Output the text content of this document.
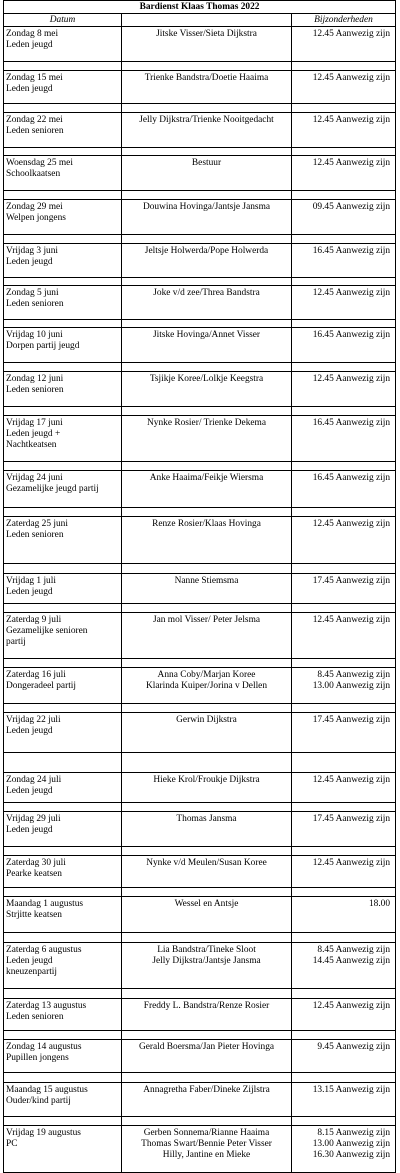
Bardienst Klaas Thomas 2022		
Datum		Bijzonderheden

Zondag 8 mei
Leden jeugd	Jitske Visser/Sieta Dijkstra	12.45 Aanwezig zijn

Zondag 15 mei
Leden jeugd	Trienke Bandstra/Doetie Haaima	12.45 Aanwezig zijn

Zondag 22 mei
Leden senioren	Jelly Dijkstra/Trienke Nooitgedacht	12.45 Aanwezig zijn

Woensdag 25 mei
Schoolkaatsen	Bestuur	12.45 Aanwezig zijn

Zondag 29 mei
Welpen jongens	Douwina Hovinga/Jantsje Jansma	09.45 Aanwezig zijn

Vrijdag 3 juni
Leden jeugd	Jeltsje Holwerda/Pope Holwerda	16.45 Aanwezig zijn

Zondag 5 juni
Leden senioren	Joke v/d zee/Threa Bandstra	12.45 Aanwezig zijn

Vrijdag 10 juni
Dorpen partij jeugd	Jitske Hovinga/Annet Visser	16.45 Aanwezig zijn

Zondag 12 juni
Leden senioren	Tsjikje Koree/Lolkje Keegstra	12.45 Aanwezig zijn

Vrijdag 17 juni
Leden jeugd +
Nachtkeatsen	Nynke Rosier/ Trienke Dekema	16.45 Aanwezig zijn

Vrijdag 24 juni
Gezamelijke jeugd partij	Anke Haaima/Feikje Wiersma	16.45 Aanwezig zijn

Zaterdag 25 juni
Leden senioren	Renze Rosier/Klaas Hovinga	12.45 Aanwezig zijn

Vrijdag 1 juli
Leden jeugd	Nanne Stiemsma	17.45 Aanwezig zijn

Zaterdag 9 juli
Gezamelijke senioren
partij	Jan mol Visser/ Peter Jelsma	12.45 Aanwezig zijn

Zaterdag 16 juli
Dongeradeel partij	Anna Coby/Marjan Koree
Klarinda Kuiper/Jorina v Dellen	8.45 Aanwezig zijn
13.00 Aanwezig zijn

Vrijdag 22 juli
Leden jeugd	Gerwin Dijkstra	17.45 Aanwezig zijn

Zondag 24 juli
Leden jeugd	Hieke Krol/Froukje Dijkstra	12.45 Aanwezig zijn

Vrijdag 29 juli
Leden jeugd	Thomas Jansma	17.45 Aanwezig zijn

Zaterdag 30 juli
Pearke keatsen	Nynke v/d Meulen/Susan Koree	12.45 Aanwezig zijn

Maandag 1 augustus
Strjitte keatsen	Wessel en Antsje	18.00

Zaterdag 6 augustus
Leden jeugd
kneuzenpartij	Lia Bandstra/Tineke Sloot
Jelly Dijkstra/Jantsje Jansma	8.45 Aanwezig zijn
14.45 Aanwezig zijn

Zaterdag 13 augustus
Leden senioren	Freddy L. Bandstra/Renze Rosier	12.45 Aanwezig zijn

Zondag 14 augustus
Pupillen jongens	Gerald Boersma/Jan Pieter Hovinga	9.45 Aanwezig zijn

Maandag 15 augustus
Ouder/kind partij	Annagretha Faber/Dineke Zijlstra	13.15 Aanwezig zijn

Vrijdag 19 augustus
PC	Gerben Sonnema/Rianne Haaima
Thomas Swart/Bennie Peter Visser
Hilly, Jantine en Mieke	8.15 Aanwezig zijn
13.00 Aanwezig zijn
16.30 Aanwezig zijn
